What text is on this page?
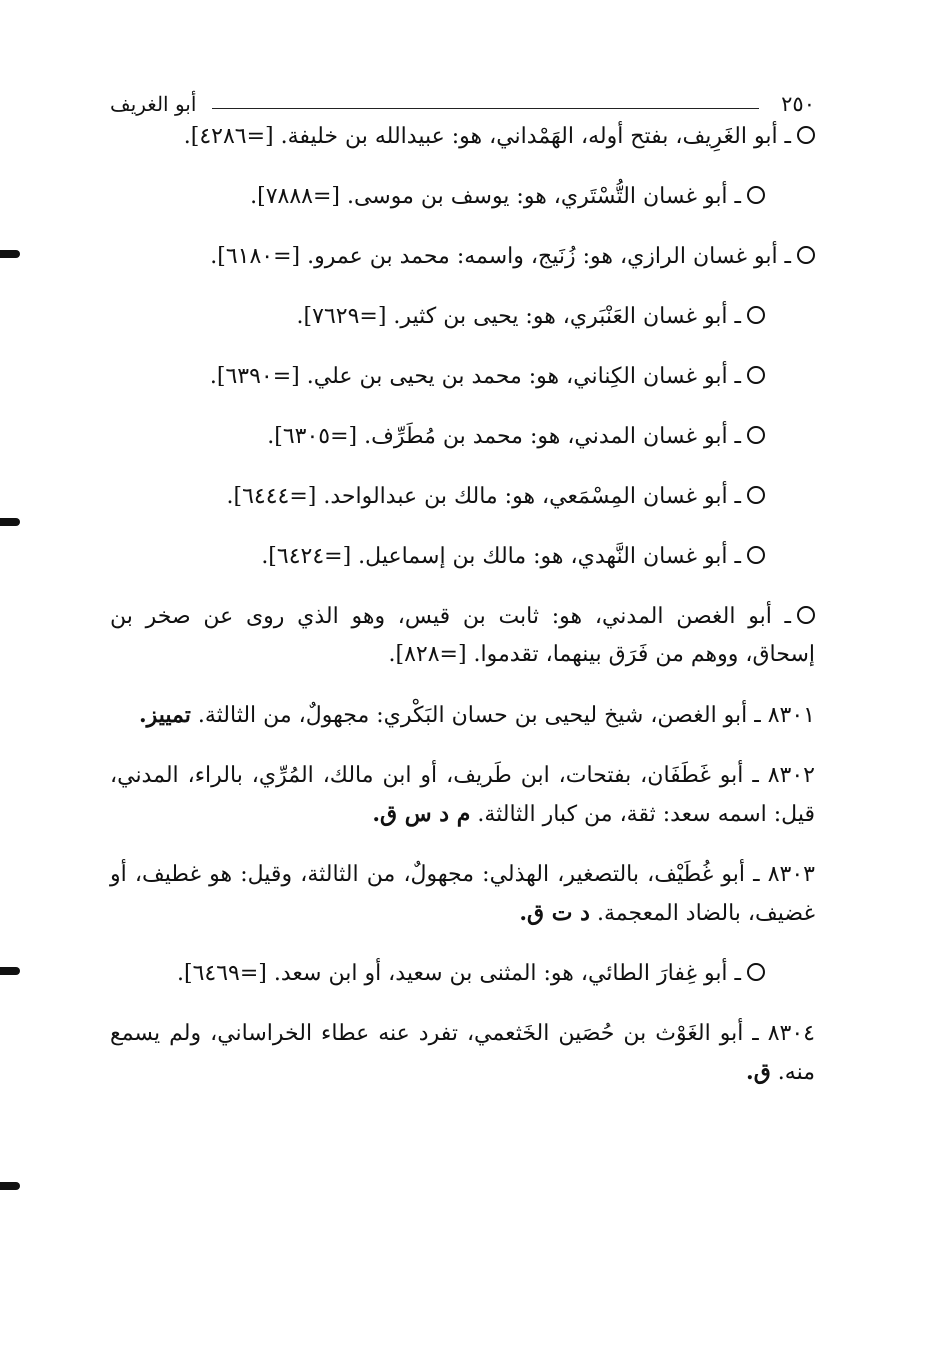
٢٥٠
أبو الغريف

ـ أبو الغَرِيف، بفتح أوله، الهَمْداني، هو: عبيدالله بن خليفة. [=٤٢٨٦].

ـ أبو غسان التُّسْتَري، هو: يوسف بن موسى. [=٧٨٨٨].

ـ أبو غسان الرازي، هو: زُنَيج، واسمه: محمد بن عمرو. [=٦١٨٠].

ـ أبو غسان العَنْبَري، هو: يحيى بن كثير. [=٧٦٢٩].

ـ أبو غسان الكِناني، هو: محمد بن يحيى بن علي. [=٦٣٩٠].

ـ أبو غسان المدني، هو: محمد بن مُطَرِّف. [=٦٣٠٥].

ـ أبو غسان المِسْمَعي، هو: مالك بن عبدالواحد. [=٦٤٤٤].

ـ أبو غسان النَّهدي، هو: مالك بن إسماعيل. [=٦٤٢٤].

ـ أبو الغصن المدني، هو: ثابت بن قيس، وهو الذي روى عن صخر بن إسحاق، ووهم من فَرَق بينهما، تقدموا. [=٨٢٨].

٨٣٠١ ـ أبو الغصن، شيخ ليحيى بن حسان البَكْري: مجهولٌ، من الثالثة. تمييز.

٨٣٠٢ ـ أبو غَطَفَان، بفتحات، ابن طَريف، أو ابن مالك، المُرِّي، بالراء، المدني، قيل: اسمه سعد: ثقة، من كبار الثالثة. م د س ق.

٨٣٠٣ ـ أبو غُطَيْف، بالتصغير، الهذلي: مجهولٌ، من الثالثة، وقيل: هو غطيف، أو غضيف، بالضاد المعجمة. د ت ق.

ـ أبو غِفارَ الطائي، هو: المثنى بن سعيد، أو ابن سعد. [=٦٤٦٩].

٨٣٠٤ ـ أبو الغَوْث بن حُصَين الخَثعمي، تفرد عنه عطاء الخراساني، ولم يسمع منه. ق.
